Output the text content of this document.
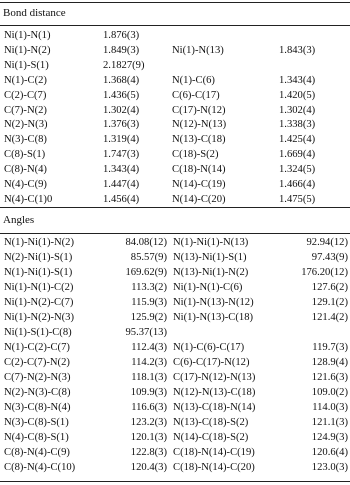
Bond distance
Ni(1)-N(1)	1.876(3)
Ni(1)-N(2)	1.849(3)	Ni(1)-N(13)	1.843(3)
Ni(1)-S(1)	2.1827(9)
N(1)-C(2)	1.368(4)	N(1)-C(6)	1.343(4)
C(2)-C(7)	1.436(5)	C(6)-C(17)	1.420(5)
C(7)-N(2)	1.302(4)	C(17)-N(12)	1.302(4)
N(2)-N(3)	1.376(3)	N(12)-N(13)	1.338(3)
N(3)-C(8)	1.319(4)	N(13)-C(18)	1.425(4)
C(8)-S(1)	1.747(3)	C(18)-S(2)	1.669(4)
C(8)-N(4)	1.343(4)	C(18)-N(14)	1.324(5)
N(4)-C(9)	1.447(4)	N(14)-C(19)	1.466(4)
N(4)-C(1)0	1.456(4)	N(14)-C(20)	1.475(5)
Angles
N(1)-Ni(1)-N(2)	84.08(12) N(1)-Ni(1)-N(13)	92.94(12)
N(2)-Ni(1)-S(1)	85.57(9) N(13)-Ni(1)-S(1)	97.43(9)
N(1)-Ni(1)-S(1)	169.62(9) N(13)-Ni(1)-N(2)	176.20(12)
Ni(1)-N(1)-C(2)	113.3(2) Ni(1)-N(1)-C(6)	127.6(2)
Ni(1)-N(2)-C(7)	115.9(3) Ni(1)-N(13)-N(12)	129.1(2)
Ni(1)-N(2)-N(3)	125.9(2) Ni(1)-N(13)-C(18)	121.4(2)
Ni(1)-S(1)-C(8)	95.37(13)
N(1)-C(2)-C(7)	112.4(3) N(1)-C(6)-C(17)	119.7(3)
C(2)-C(7)-N(2)	114.2(3) C(6)-C(17)-N(12)	128.9(4)
C(7)-N(2)-N(3)	118.1(3) C(17)-N(12)-N(13)	121.6(3)
N(2)-N(3)-C(8)	109.9(3) N(12)-N(13)-C(18)	109.0(2)
N(3)-C(8)-N(4)	116.6(3) N(13)-C(18)-N(14)	114.0(3)
N(3)-C(8)-S(1)	123.2(3) N(13)-C(18)-S(2)	121.1(3)
N(4)-C(8)-S(1)	120.1(3) N(14)-C(18)-S(2)	124.9(3)
C(8)-N(4)-C(9)	122.8(3) C(18)-N(14)-C(19)	120.6(4)
C(8)-N(4)-C(10)	120.4(3) C(18)-N(14)-C(20)	123.0(3)
